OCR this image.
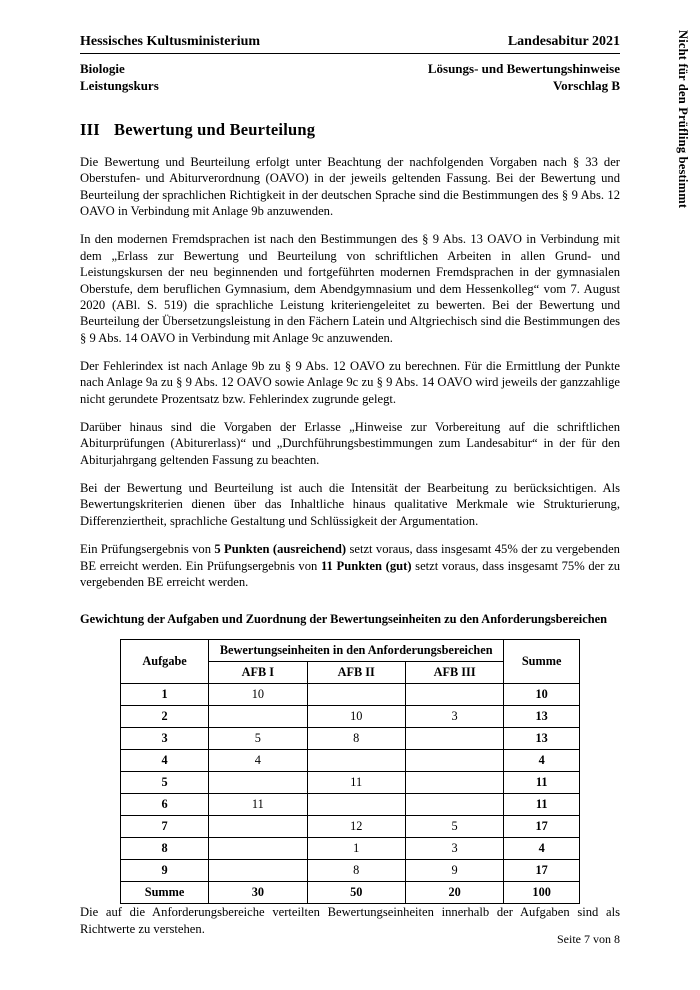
Nicht für den Prüfling bestimmt
Hessisches Kultusministerium	Landesabitur 2021
Biologie	Lösungs- und Bewertungshinweise
Leistungskurs	Vorschlag B
III Bewertung und Beurteilung

Die Bewertung und Beurteilung erfolgt unter Beachtung der nachfolgenden Vorgaben nach § 33 der Oberstufen- und Abiturverordnung (OAVO) in der jeweils geltenden Fassung. Bei der Bewertung und Beurteilung der sprachlichen Richtigkeit in der deutschen Sprache sind die Bestimmungen des § 9 Abs. 12 OAVO in Verbindung mit Anlage 9b anzuwenden.

In den modernen Fremdsprachen ist nach den Bestimmungen des § 9 Abs. 13 OAVO in Verbindung mit dem „Erlass zur Bewertung und Beurteilung von schriftlichen Arbeiten in allen Grund- und Leistungskursen der neu beginnenden und fortgeführten modernen Fremdsprachen in der gymnasialen Oberstufe, dem beruflichen Gymnasium, dem Abendgymnasium und dem Hessenkolleg“ vom 7. August 2020 (ABl. S. 519) die sprachliche Leistung kriteriengeleitet zu bewerten. Bei der Bewertung und Beurteilung der Übersetzungsleistung in den Fächern Latein und Altgriechisch sind die Bestimmungen des § 9 Abs. 14 OAVO in Verbindung mit Anlage 9c anzuwenden.

Der Fehlerindex ist nach Anlage 9b zu § 9 Abs. 12 OAVO zu berechnen. Für die Ermittlung der Punkte nach Anlage 9a zu § 9 Abs. 12 OAVO sowie Anlage 9c zu § 9 Abs. 14 OAVO wird jeweils der ganzzahlige nicht gerundete Prozentsatz bzw. Fehlerindex zugrunde gelegt.

Darüber hinaus sind die Vorgaben der Erlasse „Hinweise zur Vorbereitung auf die schriftlichen Abiturprüfungen (Abiturerlass)“ und „Durchführungsbestimmungen zum Landesabitur“ in der für den Abiturjahrgang geltenden Fassung zu beachten.

Bei der Bewertung und Beurteilung ist auch die Intensität der Bearbeitung zu berücksichtigen. Als Bewertungskriterien dienen über das Inhaltliche hinaus qualitative Merkmale wie Strukturierung, Differenziertheit, sprachliche Gestaltung und Schlüssigkeit der Argumentation.

Ein Prüfungsergebnis von 5 Punkten (ausreichend) setzt voraus, dass insgesamt 45% der zu vergebenden BE erreicht werden. Ein Prüfungsergebnis von 11 Punkten (gut) setzt voraus, dass insgesamt 75% der zu vergebenden BE erreicht werden.

Gewichtung der Aufgaben und Zuordnung der Bewertungseinheiten zu den Anforderungsbereichen
Aufgabe	Bewertungseinheiten in den Anforderungsbereichen			Summe
	AFB I	AFB II	AFB III	
1	10			10
2		10	3	13
3	5	8		13
4	4			4
5		11		11
6	11			11
7		12	5	17
8		1	3	4
9		8	9	17
Summe	30	50	20	100

Die auf die Anforderungsbereiche verteilten Bewertungseinheiten innerhalb der Aufgaben sind als Richtwerte zu verstehen.

Seite 7 von 8
